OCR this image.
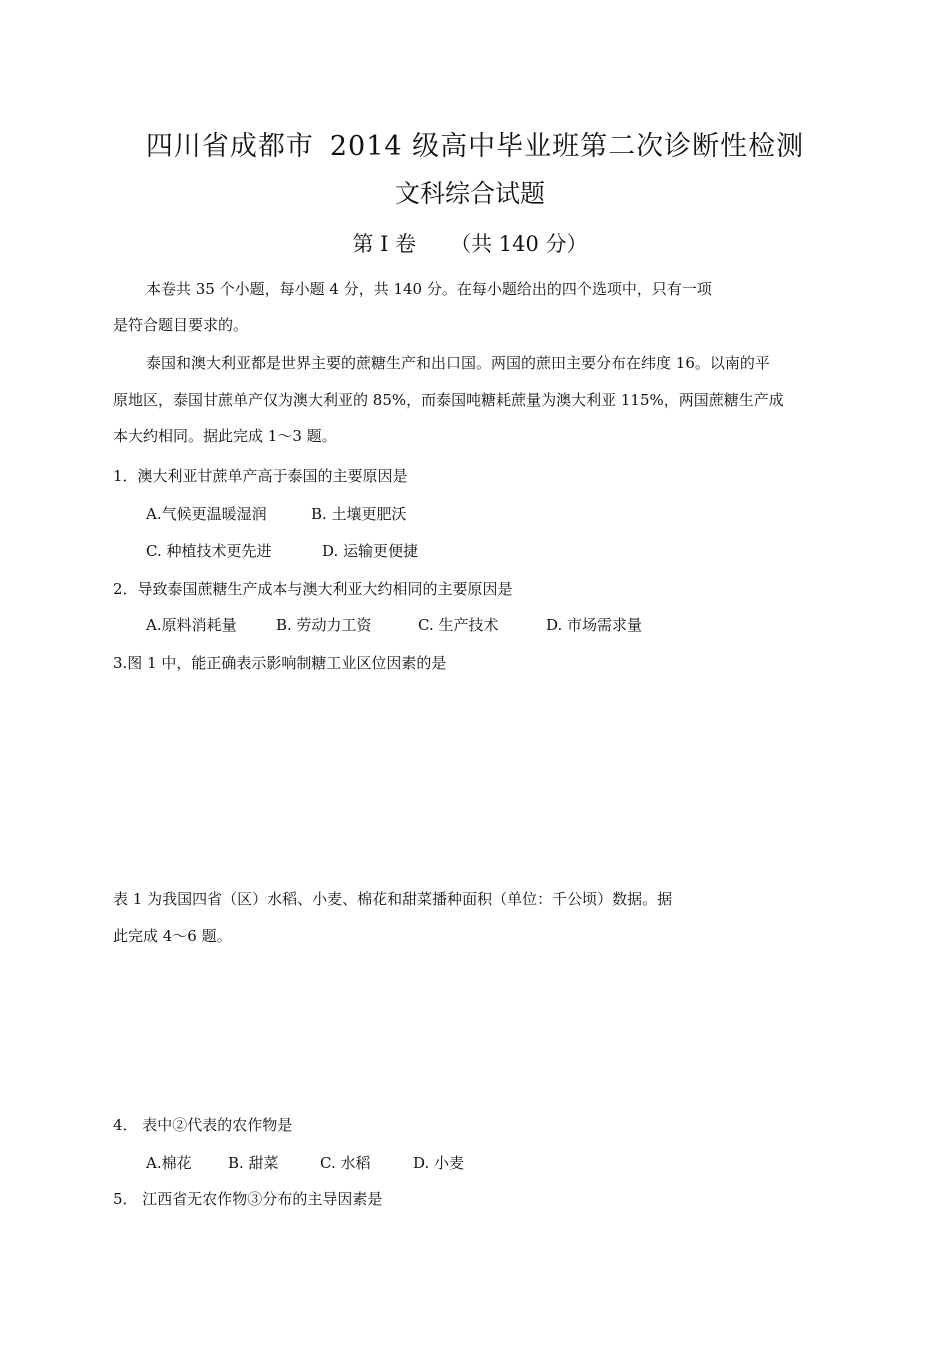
四川省成都市 2014 级高中毕业班第二次诊断性检测
文科综合试题
第 I 卷 （共 140 分）
本卷共 35 个小题，每小题 4 分，共 140 分。在每小题给出的四个选项中，只有一项
是符合题目要求的。
泰国和澳大利亚都是世界主要的蔗糖生产和出口国。两国的蔗田主要分布在纬度 16。以南的平
原地区，泰国甘蔗单产仅为澳大利亚的 85%，而泰国吨糖耗蔗量为澳大利亚 115%，两国蔗糖生产成
本大约相同。据此完成 1～3 题。
1．澳大利亚甘蔗单产高于泰国的主要原因是
A.气候更温暖湿润	B. 土壤更肥沃
C. 种植技术更先进	D. 运输更便捷
2．导致泰国蔗糖生产成本与澳大利亚大约相同的主要原因是
A.原料消耗量	B. 劳动力工资	C. 生产技术	D. 市场需求量
3.图 1 中，能正确表示影响制糖工业区位因素的是
表 1 为我国四省（区）水稻、小麦、棉花和甜菜播种面积（单位：千公顷）数据。据
此完成 4～6 题。
4． 表中②代表的农作物是
A.棉花 B. 甜菜	C. 水稻	D. 小麦
5． 江西省无农作物③分布的主导因素是
